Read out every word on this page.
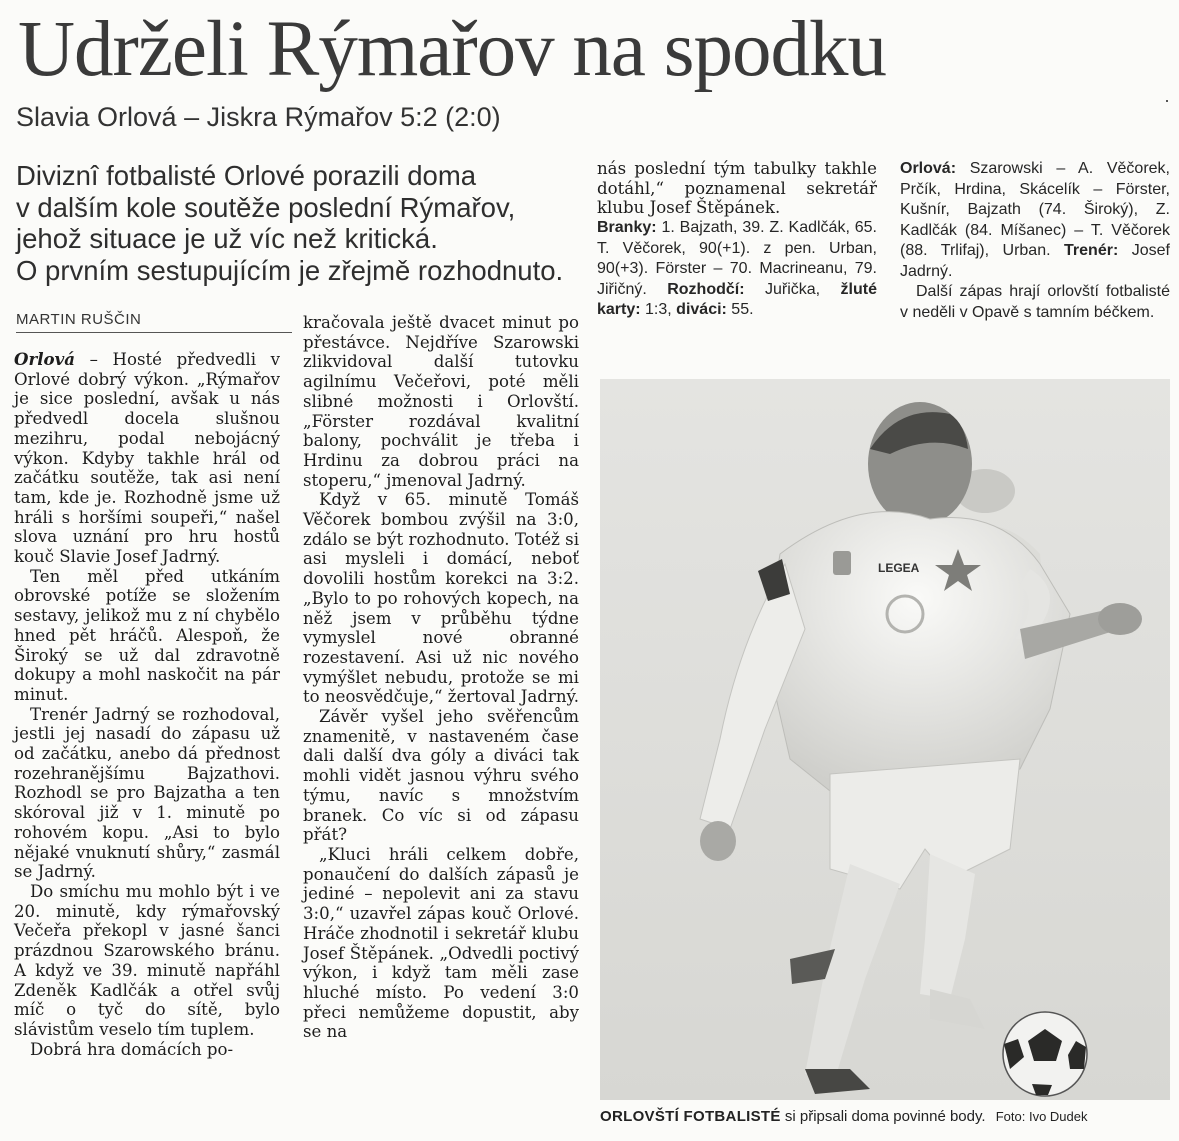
Udrželi Rýmařov na spodku
Slavia Orlová – Jiskra Rýmařov 5:2 (2:0)
Diviznî fotbalisté Orlové porazili doma
v dalším kole soutěže poslední Rýmařov,
jehož situace je už víc než kritická.
O prvním sestupujícím je zřejmě rozhodnuto.
MARTIN RUŠČIN

Orlová – Hosté předvedli v Orlové dobrý výkon. „Rýmařov je sice poslední, avšak u nás předvedl docela slušnou mezihru, podal nebojácný výkon. Kdyby takhle hrál od začátku soutěže, tak asi není tam, kde je. Rozhodně jsme už hráli s horšími soupeři,“ našel slova uznání pro hru hostů kouč Slavie Josef Jadrný.

Ten měl před utkáním obrovské potíže se složením sestavy, jelikož mu z ní chybělo hned pět hráčů. Alespoň, že Široký se už dal zdravotně dokupy a mohl naskočit na pár minut.

Trenér Jadrný se rozhodoval, jestli jej nasadí do zápasu už od začátku, anebo dá přednost rozehranějšímu Bajzathovi. Rozhodl se pro Bajzatha a ten skóroval již v 1. minutě po rohovém kopu. „Asi to bylo nějaké vnuknutí shůry,“ zasmál se Jadrný.

Do smíchu mu mohlo být i ve 20. minutě, kdy rýmařovský Večeřa překopl v jasné šanci prázdnou Szarowského bránu. A když ve 39. minutě napřáhl Zdeněk Kadlčák a otřel svůj míč o tyč do sítě, bylo slávistům veselo tím tuplem.

Dobrá hra domácích po-

kračovala ještě dvacet minut po přestávce. Nejdříve Szarowski zlikvidoval další tutovku agilnímu Večeřovi, poté měli slibné možnosti i Orlovští. „Förster rozdával kvalitní balony, pochválit je třeba i Hrdinu za dobrou práci na stoperu,“ jmenoval Jadrný.

Když v 65. minutě Tomáš Věčorek bombou zvýšil na 3:0, zdálo se být rozhodnuto. Totéž si asi mysleli i domácí, neboť dovolili hostům korekci na 3:2. „Bylo to po rohových kopech, na něž jsem v průběhu týdne vymyslel nové obranné rozestavení. Asi už nic nového vymýšlet nebudu, protože se mi to neosvědčuje,“ žertoval Jadrný.

Závěr vyšel jeho svěřencům znamenitě, v nastaveném čase dali další dva góly a diváci tak mohli vidět jasnou výhru svého týmu, navíc s množstvím branek. Co víc si od zápasu přát?

„Kluci hráli celkem dobře, ponaučení do dalších zápasů je jediné – nepolevit ani za stavu 3:0,“ uzavřel zápas kouč Orlové. Hráče zhodnotil i sekretář klubu Josef Štěpánek. „Odvedli poctivý výkon, i když tam měli zase hluché místo. Po vedení 3:0 přeci nemůžeme dopustit, aby se na

nás poslední tým tabulky takhle dotáhl,“ poznamenal sekretář klubu Josef Štěpánek.

Branky: 1. Bajzath, 39. Z. Kadlčák, 65. T. Věčorek, 90(+1). z pen. Urban, 90(+3). Förster – 70. Macrineanu, 79. Jiřičný. Rozhodčí: Juřička, žluté karty: 1:3, diváci: 55.

Orlová: Szarowski – A. Věčorek, Prčík, Hrdina, Skácelík – Förster, Kušnír, Bajzath (74. Široký), Z. Kadlčák (84. Míšanec) – T. Věčorek (88. Trlifaj), Urban. Trenér: Josef Jadrný.

Další zápas hrají orlovští fotbalisté v neděli v Opavě s tamním béčkem.

LEGEA
ORLOVŠTÍ FOTBALISTÉ si připsali doma povinné body. Foto: Ivo Dudek
